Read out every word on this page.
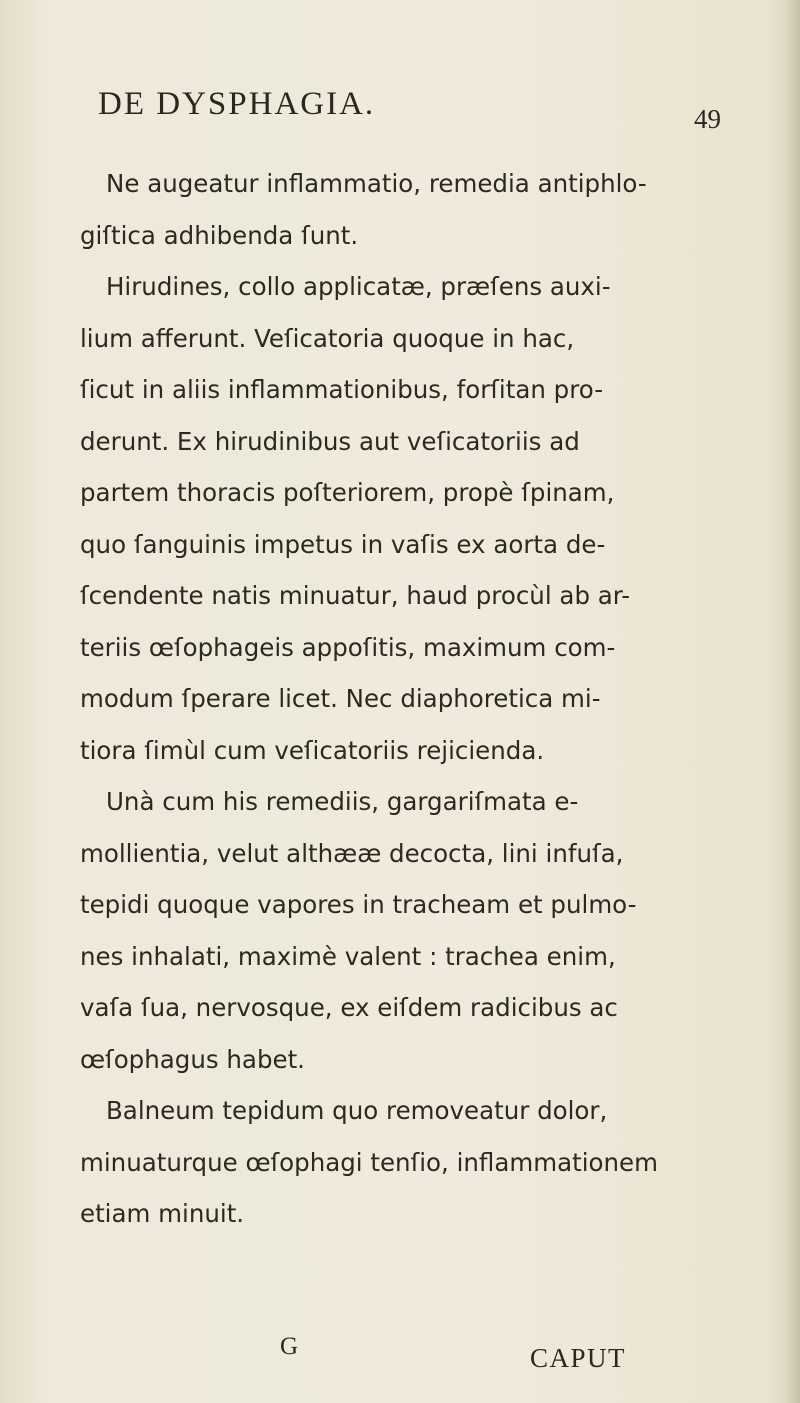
DE DYSPHAGIA.	49
Ne augeatur inflammatio, remedia antiphlo-
giſtica adhibenda ſunt.
Hirudines, collo applicatæ, præſens auxi-
lium afferunt. Veſicatoria quoque in hac,
ſicut in aliis inflammationibus, forſitan pro-
derunt. Ex hirudinibus aut veſicatoriis ad
partem thoracis poſteriorem, propè ſpinam,
quo ſanguinis impetus in vaſis ex aorta de-
ſcendente natis minuatur, haud procùl ab ar-
teriis œſophageis appoſitis, maximum com-
modum ſperare licet. Nec diaphoretica mi-
tiora ſimùl cum veſicatoriis rejicienda.
Unà cum his remediis, gargariſmata e-
mollientia, velut althææ decocta, lini infuſa,
tepidi quoque vapores in tracheam et pulmo-
nes inhalati, maximè valent : trachea enim,
vaſa ſua, nervosque, ex eiſdem radicibus ac
œſophagus habet.
Balneum tepidum quo removeatur dolor,
minuaturque œſophagi tenſio, inflammationem
etiam minuit.
G	CAPUT
